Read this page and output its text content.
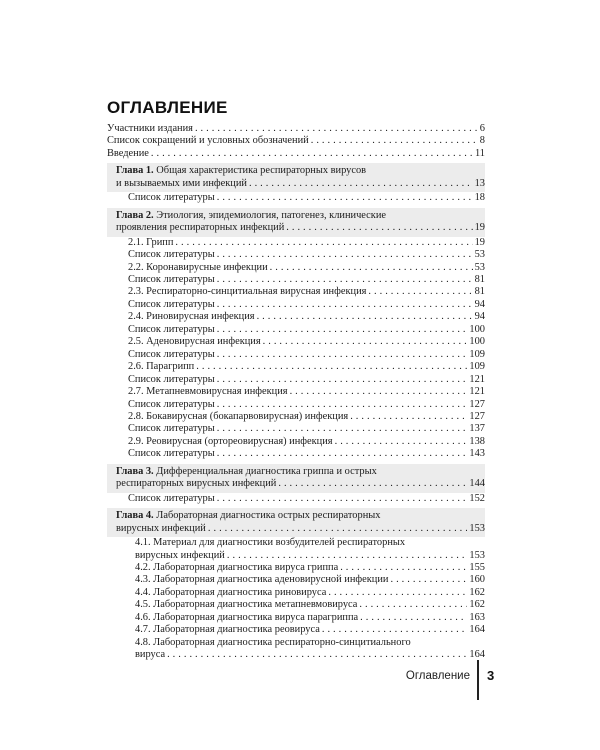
ОГЛАВЛЕНИЕ
Участники издания . . .	6
Список сокращений и условных обозначений . . .	8
Введение . . .	11
Глава 1. Общая характеристика респираторных вирусов
и вызываемых ими инфекций . . .	13
Список литературы . . .	18
Глава 2. Этиология, эпидемиология, патогенез, клинические
проявления респираторных инфекций . . .	19
2.1. Грипп . . .	19
Список литературы . . .	53
2.2. Коронавирусные инфекции . . .	53
Список литературы . . .	81
2.3. Респираторно-синцитиальная вирусная инфекция . . .	81
Список литературы . . .	94
2.4. Риновирусная инфекция . . .	94
Список литературы . . .	100
2.5. Аденовирусная инфекция . . .	100
Список литературы . . .	109
2.6. Парагрипп . . .	109
Список литературы . . .	121
2.7. Метапневмовирусная инфекция . . .	121
Список литературы . . .	127
2.8. Бокавирусная (бокапарвовирусная) инфекция . . .	127
Список литературы . . .	137
2.9. Реовирусная (ортореовирусная) инфекция . . .	138
Список литературы . . .	143
Глава 3. Дифференциальная диагностика гриппа и острых
респираторных вирусных инфекций . . .	144
Список литературы . . .	152
Глава 4. Лабораторная диагностика острых респираторных
вирусных инфекций . . .	153
4.1. Материал для диагностики возбудителей респираторных
вирусных инфекций . . .	153
4.2. Лабораторная диагностика вируса гриппа . . .	155
4.3. Лабораторная диагностика аденовирусной инфекции . . .	160
4.4. Лабораторная диагностика риновируса . . .	162
4.5. Лабораторная диагностика метапневмовируса . . .	162
4.6. Лабораторная диагностика вируса парагриппа . . .	163
4.7. Лабораторная диагностика реовируса . . .	164
4.8. Лабораторная диагностика респираторно-синцитиального
вируса . . .	164
Оглавление 3
